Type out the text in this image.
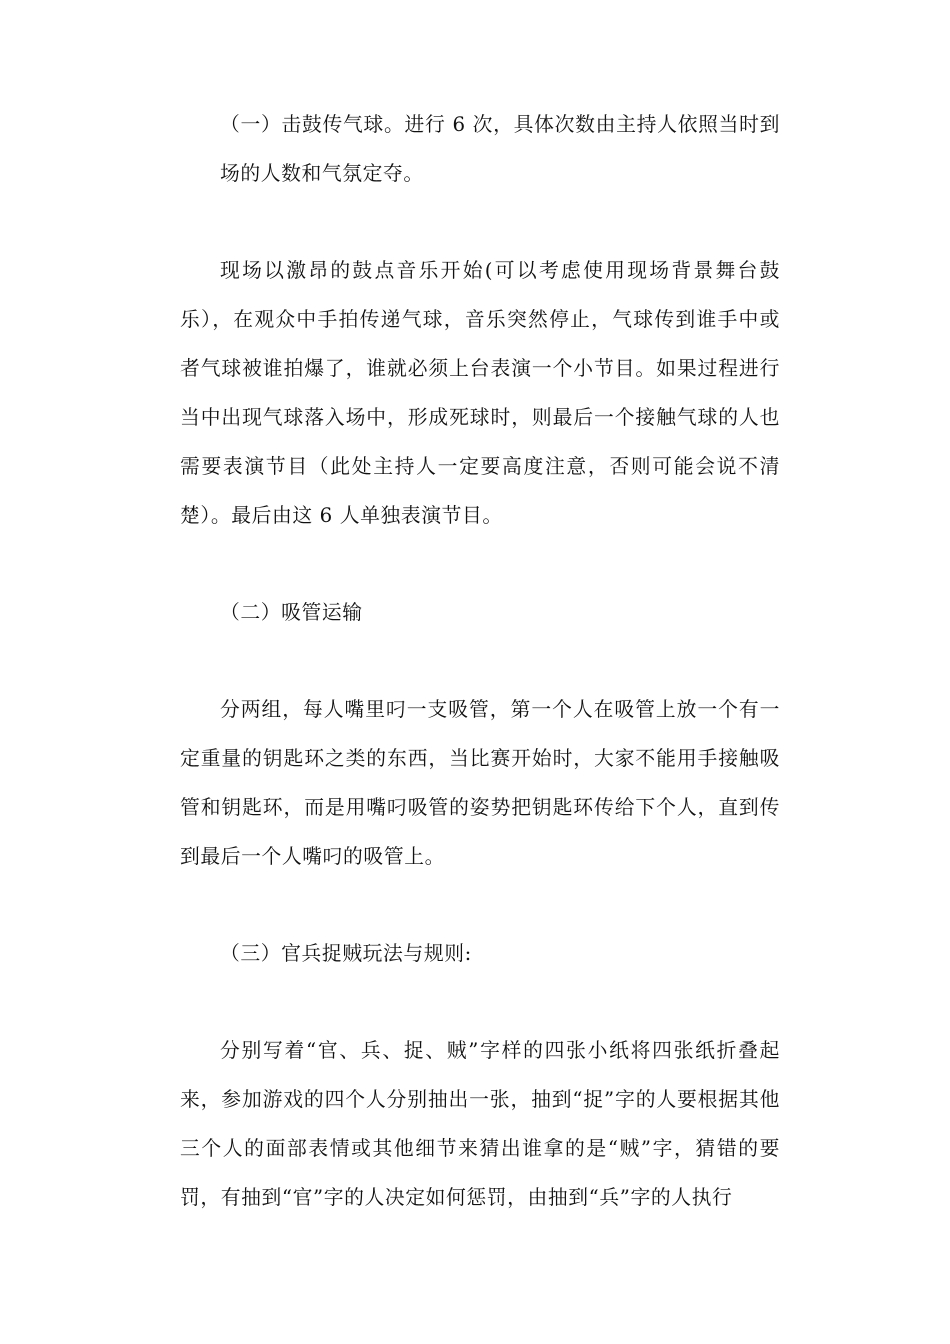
（一）击鼓传气球。进行 6 次，具体次数由主持人依照当时到场的人数和气氛定夺。

现场以激昂的鼓点音乐开始(可以考虑使用现场背景舞台鼓乐），在观众中手拍传递气球，音乐突然停止，气球传到谁手中或者气球被谁拍爆了，谁就必须上台表演一个小节目。如果过程进行当中出现气球落入场中，形成死球时，则最后一个接触气球的人也需要表演节目（此处主持人一定要高度注意，否则可能会说不清楚）。最后由这 6 人单独表演节目。

（二）吸管运输

分两组，每人嘴里叼一支吸管，第一个人在吸管上放一个有一定重量的钥匙环之类的东西，当比赛开始时，大家不能用手接触吸管和钥匙环，而是用嘴叼吸管的姿势把钥匙环传给下个人，直到传到最后一个人嘴叼的吸管上。

（三）官兵捉贼玩法与规则:

分别写着“官、兵、捉、贼”字样的四张小纸将四张纸折叠起来，参加游戏的四个人分别抽出一张，抽到“捉”字的人要根据其他三个人的面部表情或其他细节来猜出谁拿的是“贼”字，猜错的要罚，有抽到“官”字的人决定如何惩罚，由抽到“兵”字的人执行
